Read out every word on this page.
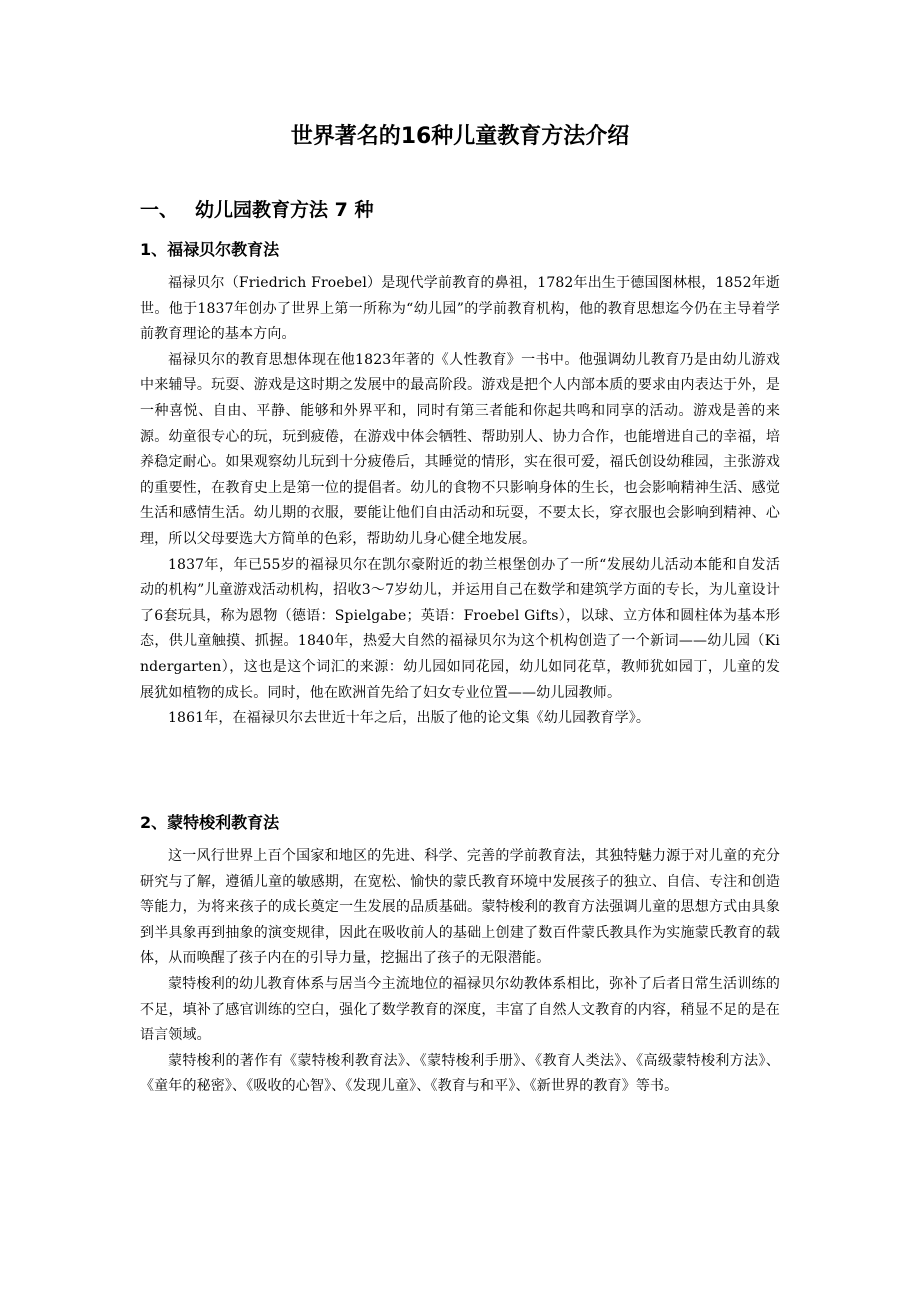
世界著名的16种儿童教育方法介绍
一、 幼儿园教育方法 7 种
1、福禄贝尔教育法

福禄贝尔（Friedrich Froebel）是现代学前教育的鼻祖，1782年出生于德国图林根，1852年逝世。他于1837年创办了世界上第一所称为“幼儿园”的学前教育机构，他的教育思想迄今仍在主导着学前教育理论的基本方向。

福禄贝尔的教育思想体现在他1823年著的《人性教育》一书中。他强调幼儿教育乃是由幼儿游戏中来辅导。玩耍、游戏是这时期之发展中的最高阶段。游戏是把个人内部本质的要求由内表达于外，是一种喜悦、自由、平静、能够和外界平和，同时有第三者能和你起共鸣和同享的活动。游戏是善的来源。幼童很专心的玩，玩到疲倦，在游戏中体会牺牲、帮助别人、协力合作，也能增进自己的幸福，培养稳定耐心。如果观察幼儿玩到十分疲倦后，其睡觉的情形，实在很可爱，福氏创设幼稚园，主张游戏的重要性，在教育史上是第一位的提倡者。幼儿的食物不只影响身体的生长，也会影响精神生活、感觉生活和感情生活。幼儿期的衣服，要能让他们自由活动和玩耍，不要太长，穿衣服也会影响到精神、心理，所以父母要选大方简单的色彩，帮助幼儿身心健全地发展。

1837年，年已55岁的福禄贝尔在凯尔豪附近的勃兰根堡创办了一所“发展幼儿活动本能和自发活动的机构”儿童游戏活动机构，招收3～7岁幼儿，并运用自己在数学和建筑学方面的专长，为儿童设计了6套玩具，称为恩物（德语：Spielgabe；英语：Froebel Gifts），以球、立方体和圆柱体为基本形态，供儿童触摸、抓握。1840年，热爱大自然的福禄贝尔为这个机构创造了一个新词——幼儿园（Kindergarten），这也是这个词汇的来源：幼儿园如同花园，幼儿如同花草，教师犹如园丁，儿童的发展犹如植物的成长。同时，他在欧洲首先给了妇女专业位置——幼儿园教师。

1861年，在福禄贝尔去世近十年之后，出版了他的论文集《幼儿园教育学》。

2、蒙特梭利教育法

这一风行世界上百个国家和地区的先进、科学、完善的学前教育法，其独特魅力源于对儿童的充分研究与了解，遵循儿童的敏感期，在宽松、愉快的蒙氏教育环境中发展孩子的独立、自信、专注和创造等能力，为将来孩子的成长奠定一生发展的品质基础。蒙特梭利的教育方法强调儿童的思想方式由具象到半具象再到抽象的演变规律，因此在吸收前人的基础上创建了数百件蒙氏教具作为实施蒙氏教育的载体，从而唤醒了孩子内在的引导力量，挖掘出了孩子的无限潜能。

蒙特梭利的幼儿教育体系与居当今主流地位的福禄贝尔幼教体系相比，弥补了后者日常生活训练的不足，填补了感官训练的空白，强化了数学教育的深度，丰富了自然人文教育的内容，稍显不足的是在语言领域。

蒙特梭利的著作有《蒙特梭利教育法》、《蒙特梭利手册》、《教育人类法》、《高级蒙特梭利方法》、《童年的秘密》、《吸收的心智》、《发现儿童》、《教育与和平》、《新世界的教育》等书。
